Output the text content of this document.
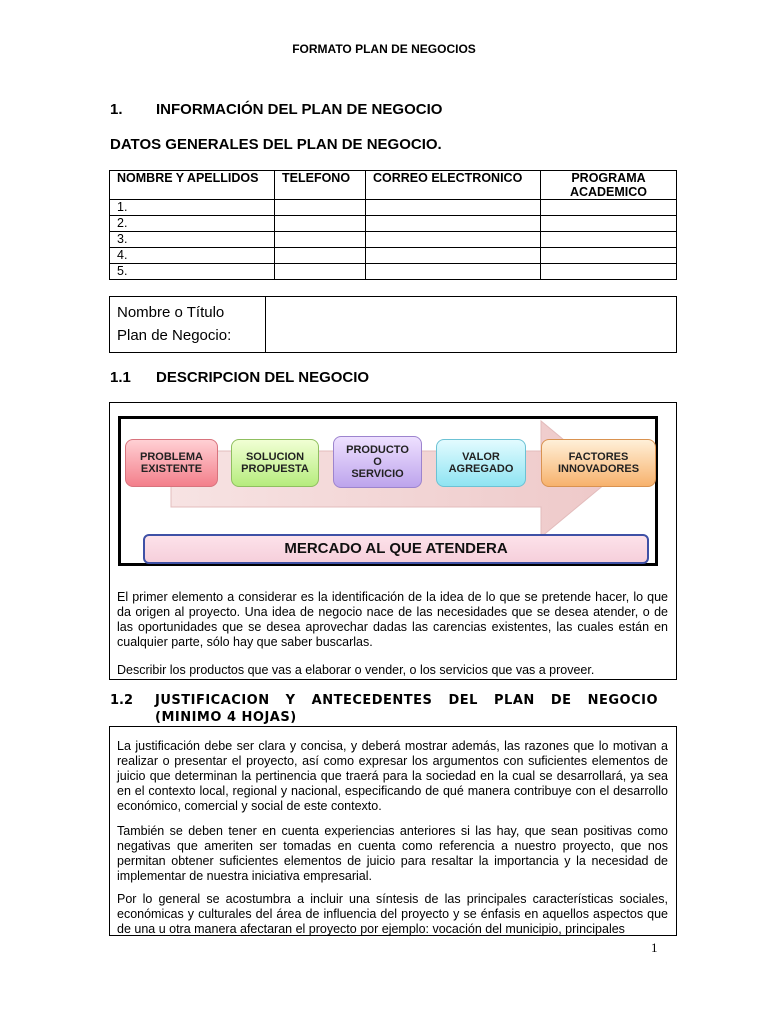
FORMATO PLAN DE NEGOCIOS
1. INFORMACIÓN DEL PLAN DE NEGOCIO
DATOS GENERALES DEL PLAN DE NEGOCIO.
NOMBRE Y APELLIDOS	TELEFONO	CORREO ELECTRONICO	PROGRAMA ACADEMICO
1.			
2.			
3.			
4.			
5.			
Nombre o Título
Plan de Negocio:
1.1 DESCRIPCION DEL NEGOCIO
PROBLEMA
EXISTENTE
SOLUCION
PROPUESTA
PRODUCTO
O
SERVICIO
VALOR
AGREGADO
FACTORES
INNOVADORES
MERCADO AL QUE ATENDERA
El primer elemento a considerar es la identificación de la idea de lo que se pretende hacer, lo que da origen al proyecto. Una idea de negocio nace de las necesidades que se desea atender, o de las oportunidades que se desea aprovechar dadas las carencias existentes, las cuales están en cualquier parte, sólo hay que saber buscarlas.
Describir los productos que vas a elaborar o vender, o los servicios que vas a proveer.
1.2 JUSTIFICACION Y ANTECEDENTES DEL PLAN DE NEGOCIO
(MINIMO 4 HOJAS)
La justificación debe ser clara y concisa, y deberá mostrar además, las razones que lo motivan a realizar o presentar el proyecto, así como expresar los argumentos con suficientes elementos de juicio que determinan la pertinencia que traerá para la sociedad en la cual se desarrollará, ya sea en el contexto local, regional y nacional, especificando de qué manera contribuye con el desarrollo económico, comercial y social de este contexto.
También se deben tener en cuenta experiencias anteriores si las hay, que sean positivas como negativas que ameriten ser tomadas en cuenta como referencia a nuestro proyecto, que nos permitan obtener suficientes elementos de juicio para resaltar la importancia y la necesidad de implementar de nuestra iniciativa empresarial.
Por lo general se acostumbra a incluir una síntesis de las principales características sociales, económicas y culturales del área de influencia del proyecto y se énfasis en aquellos aspectos que de una u otra manera afectaran el proyecto por ejemplo: vocación del municipio, principales
1
